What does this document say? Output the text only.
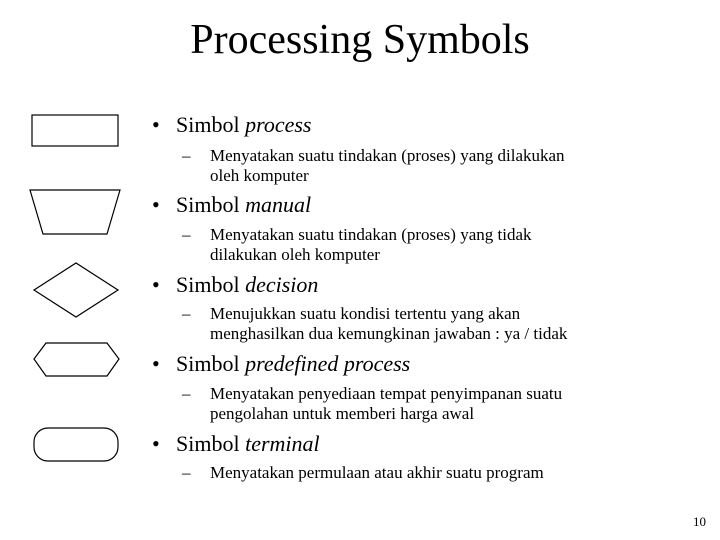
Processing Symbols
• Simbol process
– Menyatakan suatu tindakan (proses) yang dilakukan
oleh komputer
• Simbol manual
– Menyatakan suatu tindakan (proses) yang tidak
dilakukan oleh komputer
• Simbol decision
– Menujukkan suatu kondisi tertentu yang akan
menghasilkan dua kemungkinan jawaban : ya / tidak
• Simbol predefined process
– Menyatakan penyediaan tempat penyimpanan suatu
pengolahan untuk memberi harga awal
• Simbol terminal
– Menyatakan permulaan atau akhir suatu program
10
